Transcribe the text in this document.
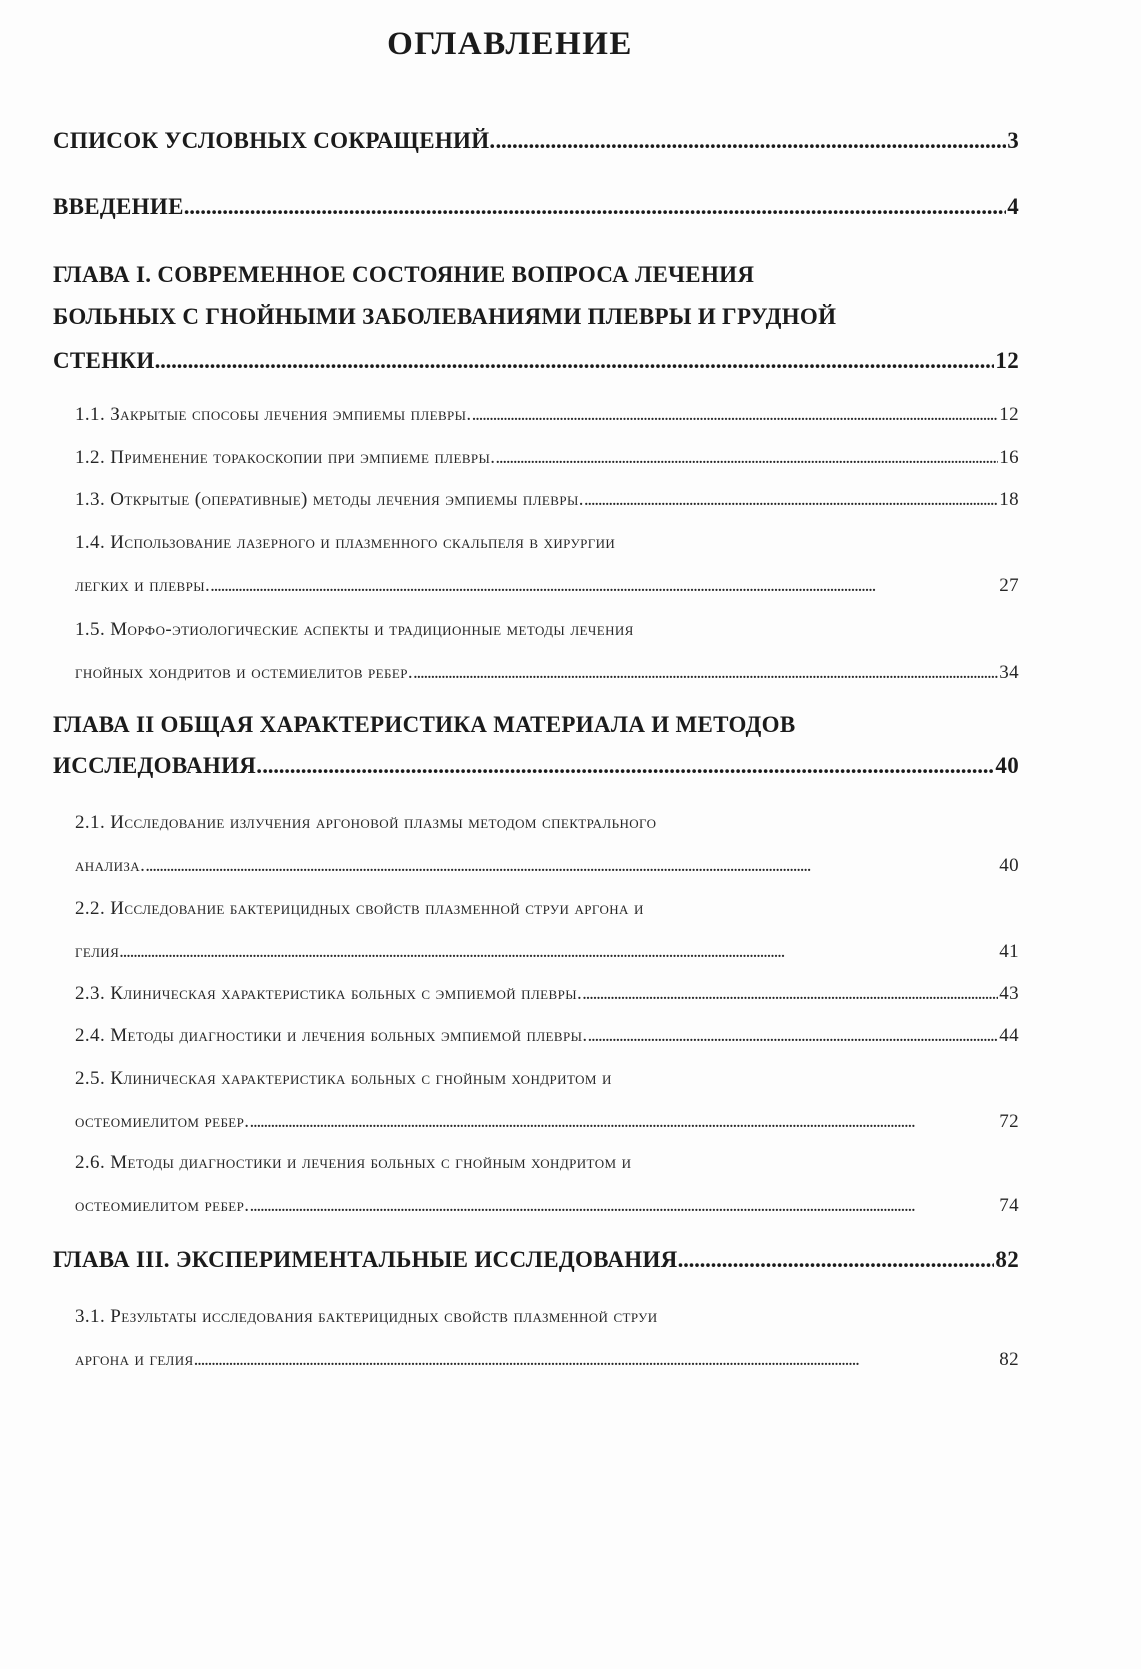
ОГЛАВЛЕНИЕ
СПИСОК УСЛОВНЫХ СОКРАЩЕНИЙ. . . .	3
ВВЕДЕНИЕ . . .	4
ГЛАВА I. СОВРЕМЕННОЕ СОСТОЯНИЕ ВОПРОСА ЛЕЧЕНИЯ
БОЛЬНЫХ С ГНОЙНЫМИ ЗАБОЛЕВАНИЯМИ ПЛЕВРЫ И ГРУДНОЙ
СТЕНКИ . . .	12
1.1. Закрытые способы лечения эмпиемы плевры. . . .	12
1.2. Применение торакоскопии при эмпиеме плевры. . . .	16
1.3. Открытые (оперативные) методы лечения эмпиемы плевры. . . .	18
1.4. Использование лазерного и плазменного скальпеля в хирургии
легких и плевры. . . .	27
1.5. Морфо-этиологические аспекты и традиционные методы лечения
гнойных хондритов и остемиелитов ребер. . . .	34
ГЛАВА II ОБЩАЯ ХАРАКТЕРИСТИКА МАТЕРИАЛА И МЕТОДОВ
ИССЛЕДОВАНИЯ. . . .	40
2.1. Исследование излучения аргоновой плазмы методом спектрального
анализа. . . .	40
2.2. Исследование бактерицидных свойств плазменной струи аргона и
гелия . . .	41
2.3. Клиническая характеристика больных с эмпиемой плевры. . . .	43
2.4. Методы диагностики и лечения больных эмпиемой плевры. . . .	44
2.5. Клиническая характеристика больных с гнойным хондритом и
остеомиелитом ребер. . . .	72
2.6. Методы диагностики и лечения больных с гнойным хондритом и
остеомиелитом ребер. . . .	74
ГЛАВА III. ЭКСПЕРИМЕНТАЛЬНЫЕ ИССЛЕДОВАНИЯ . . .	82
3.1. Результаты исследования бактерицидных свойств плазменной струи
аргона и гелия . . .	82
